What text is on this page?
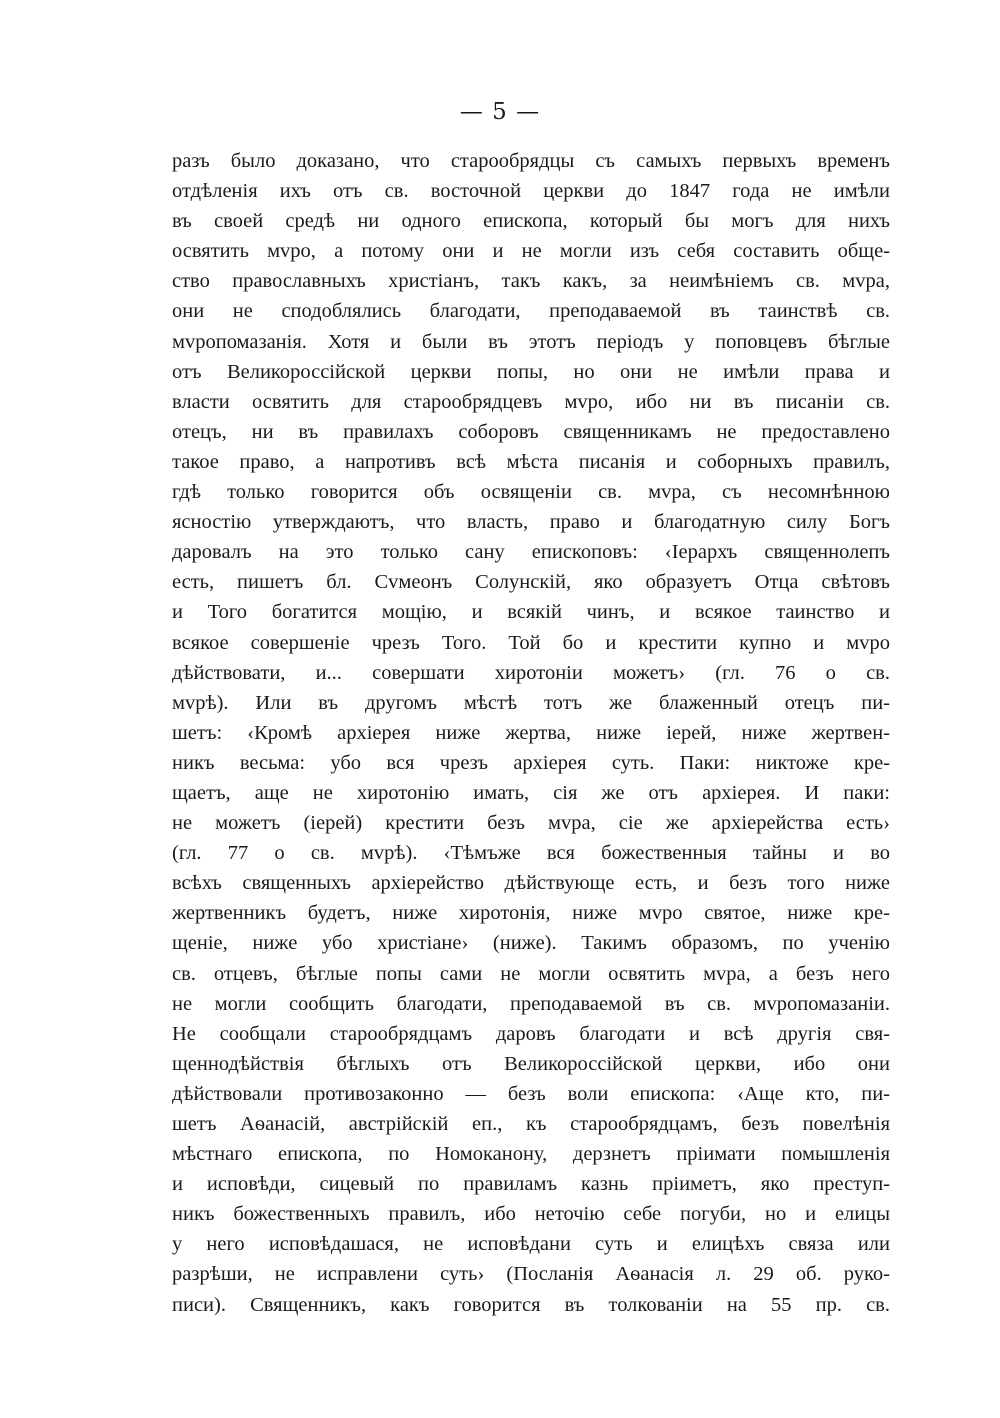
— 5 —
разъ было доказано, что старообрядцы съ самыхъ первыхъ временъ
отдѣленія ихъ отъ св. восточной церкви до 1847 года не имѣли
въ своей средѣ ни одного епископа, который бы могъ для нихъ
освятить мvро, а потому они и не могли изъ себя составить обще-
ство православныхъ христіанъ, такъ какъ, за неимѣніемъ св. мvра,
они не сподоблялись благодати, преподаваемой въ таинствѣ св.
мvропомазанія. Хотя и были въ этотъ періодъ у поповцевъ бѣглые
отъ Великороссійской церкви попы, но они не имѣли права и
власти освятить для старообрядцевъ мvро, ибо ни въ писаніи св.
отецъ, ни въ правилахъ соборовъ священникамъ не предоставлено
такое право, а напротивъ всѣ мѣста писанія и соборныхъ правилъ,
гдѣ только говорится объ освященіи св. мvра, съ несомнѣнною
ясностію утверждаютъ, что власть, право и благодатную силу Богъ
даровалъ на это только сану епископовъ: ‹Іерархъ священнолепъ
есть, пишетъ бл. Сvмеонъ Солунскій, яко образуетъ Отца свѣтовъ
и Того богатится мощію, и всякій чинъ, и всякое таинство и
всякое совершеніе чрезъ Того. Той бо и крестити купно и мvро
дѣйствовати, и... совершати хиротоніи можетъ› (гл. 76 о св.
мvрѣ). Или въ другомъ мѣстѣ тотъ же блаженный отецъ пи-
шетъ: ‹Кромѣ архіерея ниже жертва, ниже іерей, ниже жертвен-
никъ весьма: убо вся чрезъ архіерея суть. Паки: никтоже кре-
щаетъ, аще не хиротонію имать, сія же отъ архіерея. И паки:
не можетъ (іерей) крестити безъ мvра, сіе же архіерейства есть›
(гл. 77 о св. мvрѣ). ‹Тѣмъже вся божественныя тайны и во
всѣхъ священныхъ архіерейство дѣйствующе есть, и безъ того ниже
жертвенникъ будетъ, ниже хиротонія, ниже мvро святое, ниже кре-
щеніе, ниже убо христіане› (ниже). Такимъ образомъ, по ученію
св. отцевъ, бѣглые попы сами не могли освятить мvра, а безъ него
не могли сообщить благодати, преподаваемой въ св. мvропомазаніи.
Не сообщали старообрядцамъ даровъ благодати и всѣ другія свя-
щеннодѣйствія бѣглыхъ отъ Великороссійской церкви, ибо они
дѣйствовали противозаконно — безъ воли епископа: ‹Аще кто, пи-
шетъ Аѳанасій, австрійскій еп., къ старообрядцамъ, безъ повелѣнія
мѣстнаго епископа, по Номоканону, дерзнетъ пріимати помышленія
и исповѣди, сицевый по правиламъ казнь пріиметъ, яко преступ-
никъ божественныхъ правилъ, ибо неточію себе погуби, но и елицы
у него исповѣдашася, не исповѣдани суть и елицѣхъ связа или
разрѣши, не исправлени суть› (Посланія Аѳанасія л. 29 об. руко-
писи). Священникъ, какъ говорится въ толкованіи на 55 пр. св.
